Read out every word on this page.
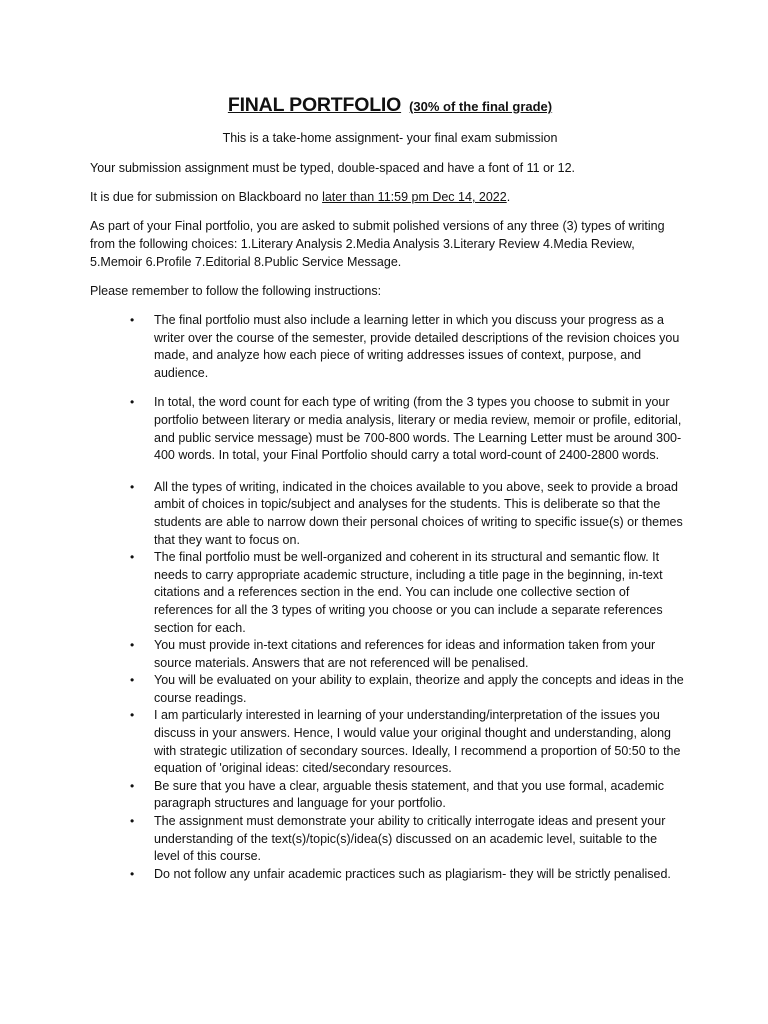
FINAL PORTFOLIO (30% of the final grade)
This is a take-home assignment- your final exam submission

Your submission assignment must be typed, double-spaced and have a font of 11 or 12.

It is due for submission on Blackboard no later than 11:59 pm Dec 14, 2022.

As part of your Final portfolio, you are asked to submit polished versions of any three (3) types of writing from the following choices: 1.Literary Analysis 2.Media Analysis 3.Literary Review 4.Media Review, 5.Memoir 6.Profile 7.Editorial 8.Public Service Message.

Please remember to follow the following instructions:

• The final portfolio must also include a learning letter in which you discuss your progress as a writer over the course of the semester, provide detailed descriptions of the revision choices you made, and analyze how each piece of writing addresses issues of context, purpose, and audience.
• In total, the word count for each type of writing (from the 3 types you choose to submit in your portfolio between literary or media analysis, literary or media review, memoir or profile, editorial, and public service message) must be 700-800 words. The Learning Letter must be around 300-400 words. In total, your Final Portfolio should carry a total word-count of 2400-2800 words.
• All the types of writing, indicated in the choices available to you above, seek to provide a broad ambit of choices in topic/subject and analyses for the students. This is deliberate so that the students are able to narrow down their personal choices of writing to specific issue(s) or themes that they want to focus on.
• The final portfolio must be well-organized and coherent in its structural and semantic flow. It needs to carry appropriate academic structure, including a title page in the beginning, in-text citations and a references section in the end. You can include one collective section of references for all the 3 types of writing you choose or you can include a separate references section for each.
• You must provide in-text citations and references for ideas and information taken from your source materials. Answers that are not referenced will be penalised.
• You will be evaluated on your ability to explain, theorize and apply the concepts and ideas in the course readings.
• I am particularly interested in learning of your understanding/interpretation of the issues you discuss in your answers. Hence, I would value your original thought and understanding, along with strategic utilization of secondary sources. Ideally, I recommend a proportion of 50:50 to the equation of 'original ideas: cited/secondary resources.
• Be sure that you have a clear, arguable thesis statement, and that you use formal, academic paragraph structures and language for your portfolio.
• The assignment must demonstrate your ability to critically interrogate ideas and present your understanding of the text(s)/topic(s)/idea(s) discussed on an academic level, suitable to the level of this course.
• Do not follow any unfair academic practices such as plagiarism- they will be strictly penalised.
